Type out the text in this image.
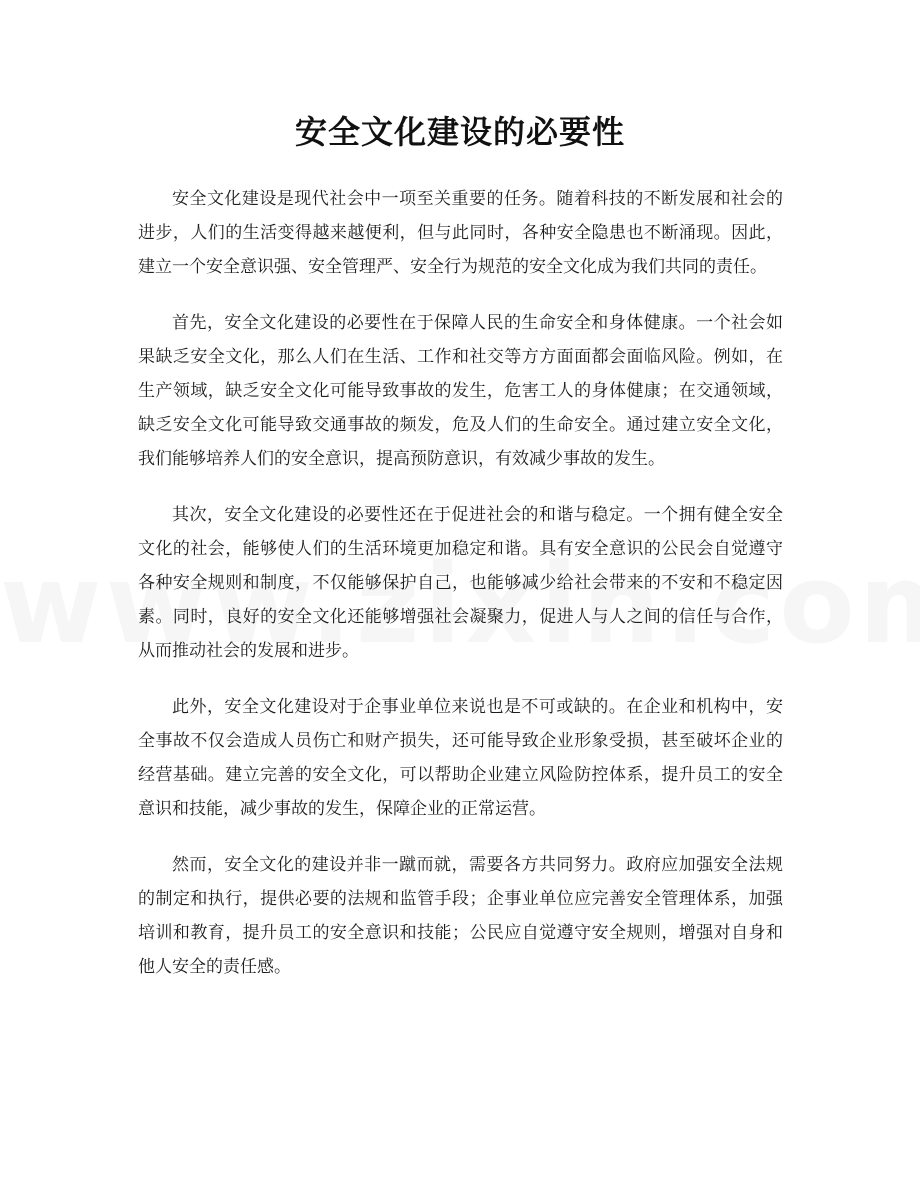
安全文化建设的必要性

安全文化建设是现代社会中一项至关重要的任务。随着科技的不断发展和社会的进步，人们的生活变得越来越便利，但与此同时，各种安全隐患也不断涌现。因此，建立一个安全意识强、安全管理严、安全行为规范的安全文化成为我们共同的责任。

首先，安全文化建设的必要性在于保障人民的生命安全和身体健康。一个社会如果缺乏安全文化，那么人们在生活、工作和社交等方方面面都会面临风险。例如，在生产领域，缺乏安全文化可能导致事故的发生，危害工人的身体健康；在交通领域，缺乏安全文化可能导致交通事故的频发，危及人们的生命安全。通过建立安全文化，我们能够培养人们的安全意识，提高预防意识，有效减少事故的发生。

其次，安全文化建设的必要性还在于促进社会的和谐与稳定。一个拥有健全安全文化的社会，能够使人们的生活环境更加稳定和谐。具有安全意识的公民会自觉遵守各种安全规则和制度，不仅能够保护自己，也能够减少给社会带来的不安和不稳定因素。同时，良好的安全文化还能够增强社会凝聚力，促进人与人之间的信任与合作，从而推动社会的发展和进步。

此外，安全文化建设对于企事业单位来说也是不可或缺的。在企业和机构中，安全事故不仅会造成人员伤亡和财产损失，还可能导致企业形象受损，甚至破坏企业的经营基础。建立完善的安全文化，可以帮助企业建立风险防控体系，提升员工的安全意识和技能，减少事故的发生，保障企业的正常运营。

然而，安全文化的建设并非一蹴而就，需要各方共同努力。政府应加强安全法规的制定和执行，提供必要的法规和监管手段；企事业单位应完善安全管理体系，加强培训和教育，提升员工的安全意识和技能；公民应自觉遵守安全规则，增强对自身和他人安全的责任感。
